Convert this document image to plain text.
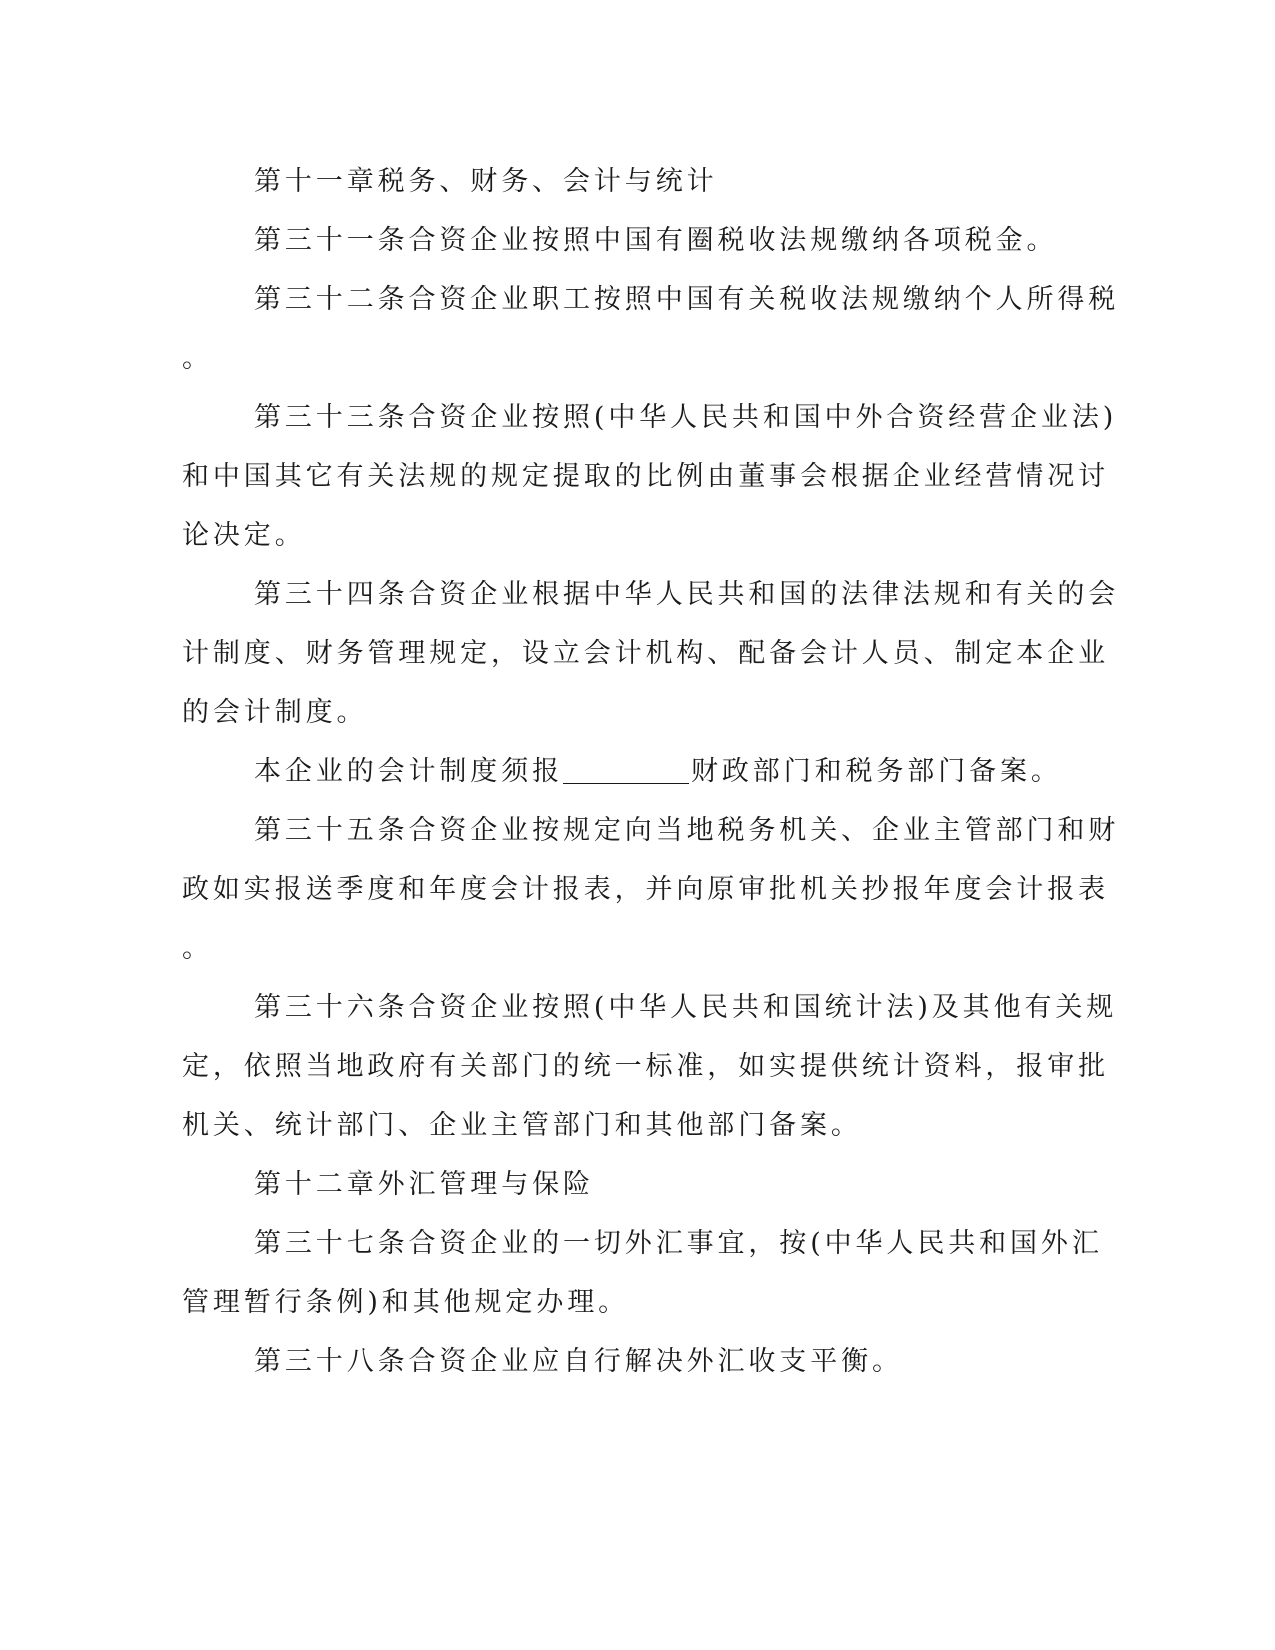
第十一章税务、财务、会计与统计
第三十一条合资企业按照中国有圈税收法规缴纳各项税金。
第三十二条合资企业职工按照中国有关税收法规缴纳个人所得税
。
第三十三条合资企业按照(中华人民共和国中外合资经营企业法)
和中国其它有关法规的规定提取的比例由董事会根据企业经营情况讨
论决定。
第三十四条合资企业根据中华人民共和国的法律法规和有关的会
计制度、财务管理规定，设立会计机构、配备会计人员、制定本企业
的会计制度。
本企业的会计制度须报	财政部门和税务部门备案。
第三十五条合资企业按规定向当地税务机关、企业主管部门和财
政如实报送季度和年度会计报表，并向原审批机关抄报年度会计报表
。
第三十六条合资企业按照(中华人民共和国统计法)及其他有关规
定，依照当地政府有关部门的统一标准，如实提供统计资料，报审批
机关、统计部门、企业主管部门和其他部门备案。
第十二章外汇管理与保险
第三十七条合资企业的一切外汇事宜，按(中华人民共和国外汇
管理暂行条例)和其他规定办理。
第三十八条合资企业应自行解决外汇收支平衡。
